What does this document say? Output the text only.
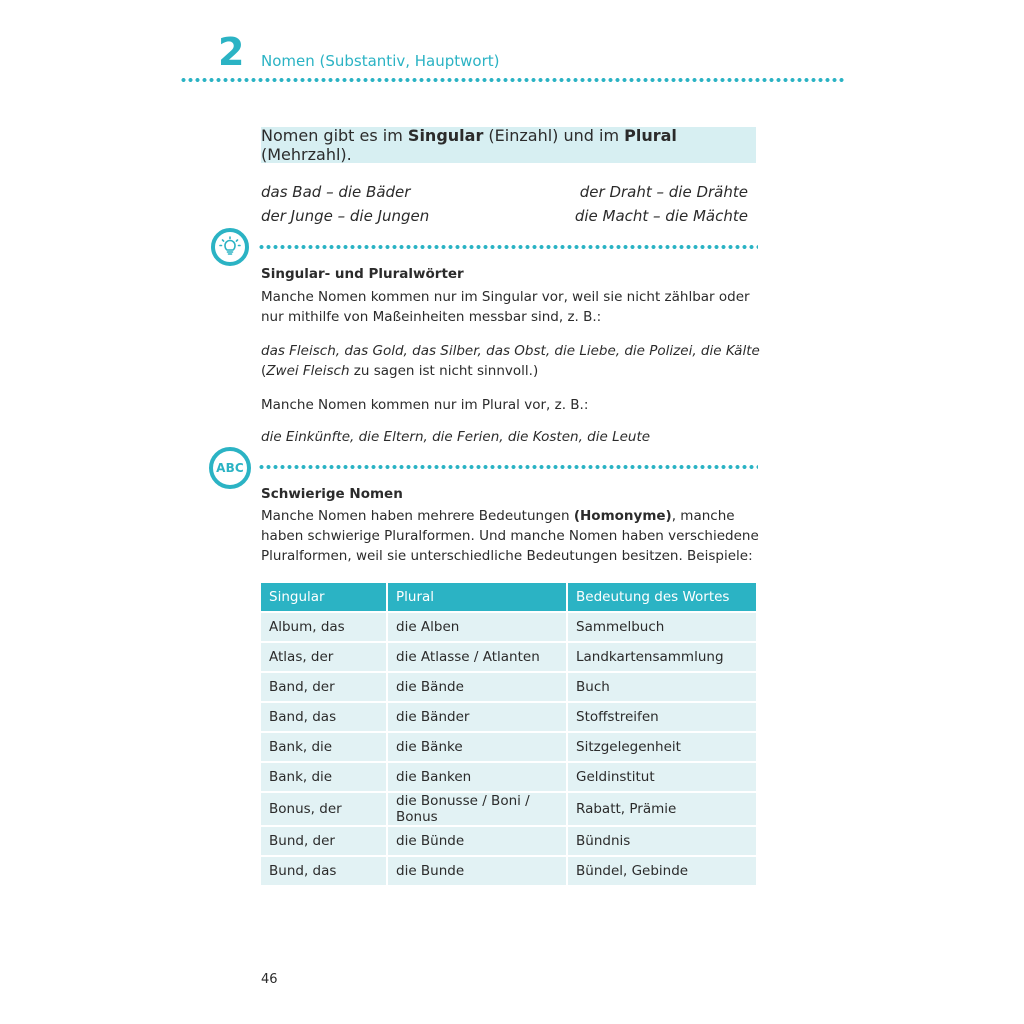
2 Nomen (Substantiv, Hauptwort)
Nomen gibt es im Singular (Einzahl) und im Plural (Mehrzahl).
das Bad – die Bäder
der Junge – die Jungen
der Draht – die Drähte
die Macht – die Mächte
Singular- und Pluralwörter
Manche Nomen kommen nur im Singular vor, weil sie nicht zählbar oder
nur mithilfe von Maßeinheiten messbar sind, z. B.:
das Fleisch, das Gold, das Silber, das Obst, die Liebe, die Polizei, die Kälte
(Zwei Fleisch zu sagen ist nicht sinnvoll.)
Manche Nomen kommen nur im Plural vor, z. B.:
die Einkünfte, die Eltern, die Ferien, die Kosten, die Leute
ABC
Schwierige Nomen
Manche Nomen haben mehrere Bedeutungen (Homonyme), manche
haben schwierige Pluralformen. Und manche Nomen haben verschiedene
Pluralformen, weil sie unterschiedliche Bedeutungen besitzen. Beispiele:
Singular	Plural	Bedeutung des Wortes
Album, das	die Alben	Sammelbuch
Atlas, der	die Atlasse / Atlanten	Landkartensammlung
Band, der	die Bände	Buch
Band, das	die Bänder	Stoffstreifen
Bank, die	die Bänke	Sitzgelegenheit
Bank, die	die Banken	Geldinstitut
Bonus, der	die Bonusse / Boni / Bonus	Rabatt, Prämie
Bund, der	die Bünde	Bündnis
Bund, das	die Bunde	Bündel, Gebinde
46
